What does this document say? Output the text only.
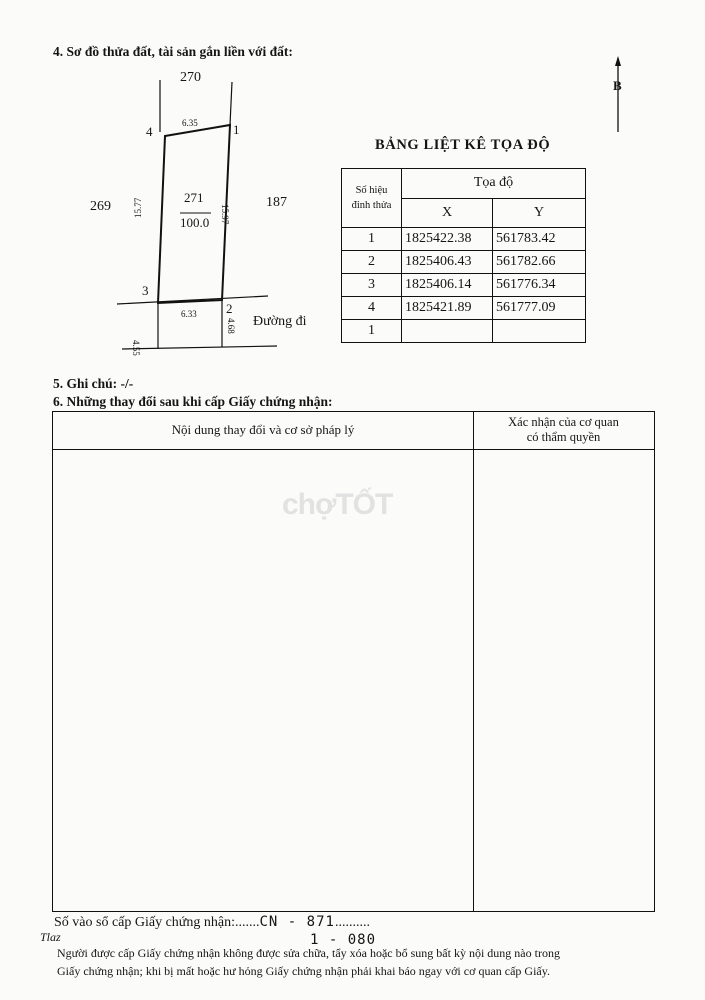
4. Sơ đồ thửa đất, tài sản gắn liền với đất:
B
270
269	187
271
100.0
1
2
3
4
6.35
6.33
15.77	15.97
4.55
4.68 Đường đi
BẢNG LIỆT KÊ TỌA ĐỘ
Số hiệu
đỉnh thửa	Tọa độ	
	X	Y
1	1825422.38	561783.42
2	1825406.43	561782.66
3	1825406.14	561776.34
4	1825421.89	561777.09
1		
5. Ghi chú: -/-
6. Những thay đổi sau khi cấp Giấy chứng nhận:
Nội dung thay đổi và cơ sở pháp lý	Xác nhận của cơ quan
có thẩm quyền
chợTỐT
Số vào sổ cấp Giấy chứng nhận:.......CN - 871..........
1 - 080
Tlaz
Người được cấp Giấy chứng nhận không được sửa chữa, tẩy xóa hoặc bổ sung bất kỳ nội dung nào trong
Giấy chứng nhận; khi bị mất hoặc hư hỏng Giấy chứng nhận phải khai báo ngay với cơ quan cấp Giấy.
